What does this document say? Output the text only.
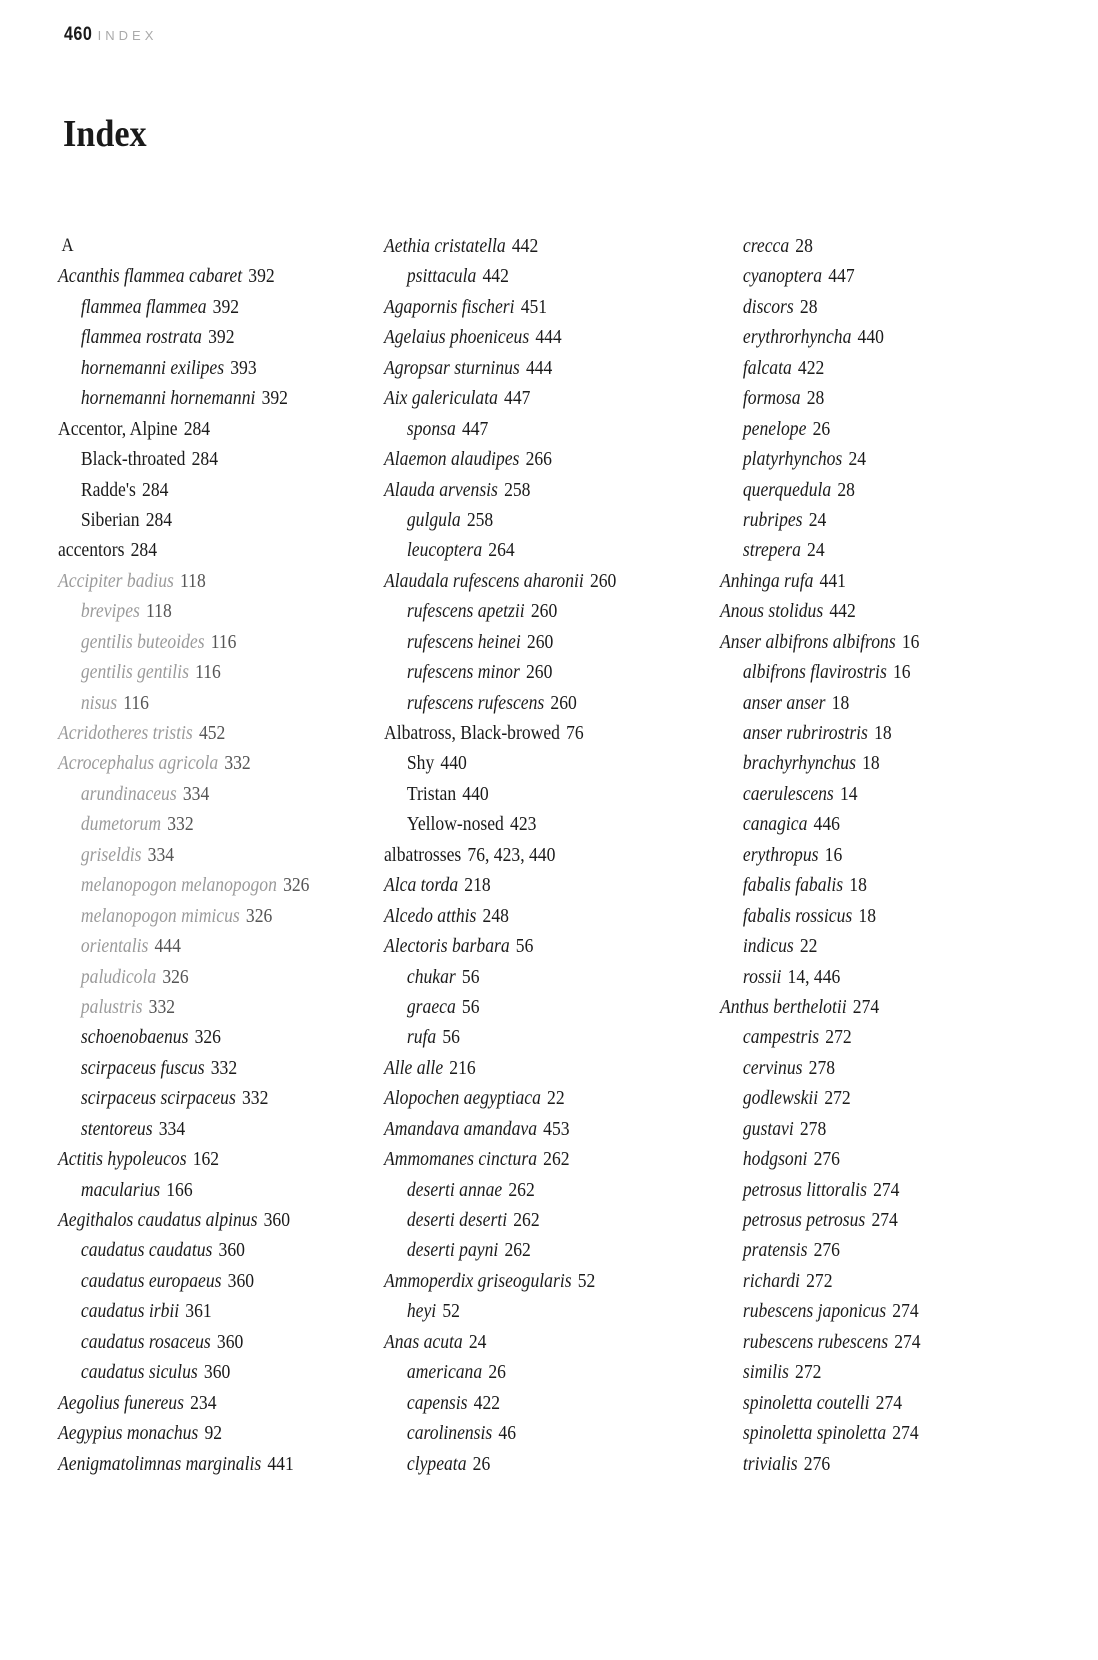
460 INDEX
Index
A
Acanthis flammea cabaret 392
flammea flammea 392
flammea rostrata 392
hornemanni exilipes 393
hornemanni hornemanni 392
Accentor, Alpine 284
Black-throated 284
Radde's 284
Siberian 284
accentors 284
Accipiter badius 118
brevipes 118
gentilis buteoides 116
gentilis gentilis 116
nisus 116
Acridotheres tristis 452
Acrocephalus agricola 332
arundinaceus 334
dumetorum 332
griseldis 334
melanopogon melanopogon 326
melanopogon mimicus 326
orientalis 444
paludicola 326
palustris 332
schoenobaenus 326
scirpaceus fuscus 332
scirpaceus scirpaceus 332
stentoreus 334
Actitis hypoleucos 162
macularius 166
Aegithalos caudatus alpinus 360
caudatus caudatus 360
caudatus europaeus 360
caudatus irbii 361
caudatus rosaceus 360
caudatus siculus 360
Aegolius funereus 234
Aegypius monachus 92
Aenigmatolimnas marginalis 441
Aethia cristatella 442
psittacula 442
Agapornis fischeri 451
Agelaius phoeniceus 444
Agropsar sturninus 444
Aix galericulata 447
sponsa 447
Alaemon alaudipes 266
Alauda arvensis 258
gulgula 258
leucoptera 264
Alaudala rufescens aharonii 260
rufescens apetzii 260
rufescens heinei 260
rufescens minor 260
rufescens rufescens 260
Albatross, Black-browed 76
Shy 440
Tristan 440
Yellow-nosed 423
albatrosses 76, 423, 440
Alca torda 218
Alcedo atthis 248
Alectoris barbara 56
chukar 56
graeca 56
rufa 56
Alle alle 216
Alopochen aegyptiaca 22
Amandava amandava 453
Ammomanes cinctura 262
deserti annae 262
deserti deserti 262
deserti payni 262
Ammoperdix griseogularis 52
heyi 52
Anas acuta 24
americana 26
capensis 422
carolinensis 46
clypeata 26
crecca 28
cyanoptera 447
discors 28
erythrorhyncha 440
falcata 422
formosa 28
penelope 26
platyrhynchos 24
querquedula 28
rubripes 24
strepera 24
Anhinga rufa 441
Anous stolidus 442
Anser albifrons albifrons 16
albifrons flavirostris 16
anser anser 18
anser rubrirostris 18
brachyrhynchus 18
caerulescens 14
canagica 446
erythropus 16
fabalis fabalis 18
fabalis rossicus 18
indicus 22
rossii 14, 446
Anthus berthelotii 274
campestris 272
cervinus 278
godlewskii 272
gustavi 278
hodgsoni 276
petrosus littoralis 274
petrosus petrosus 274
pratensis 276
richardi 272
rubescens japonicus 274
rubescens rubescens 274
similis 272
spinoletta coutelli 274
spinoletta spinoletta 274
trivialis 276
